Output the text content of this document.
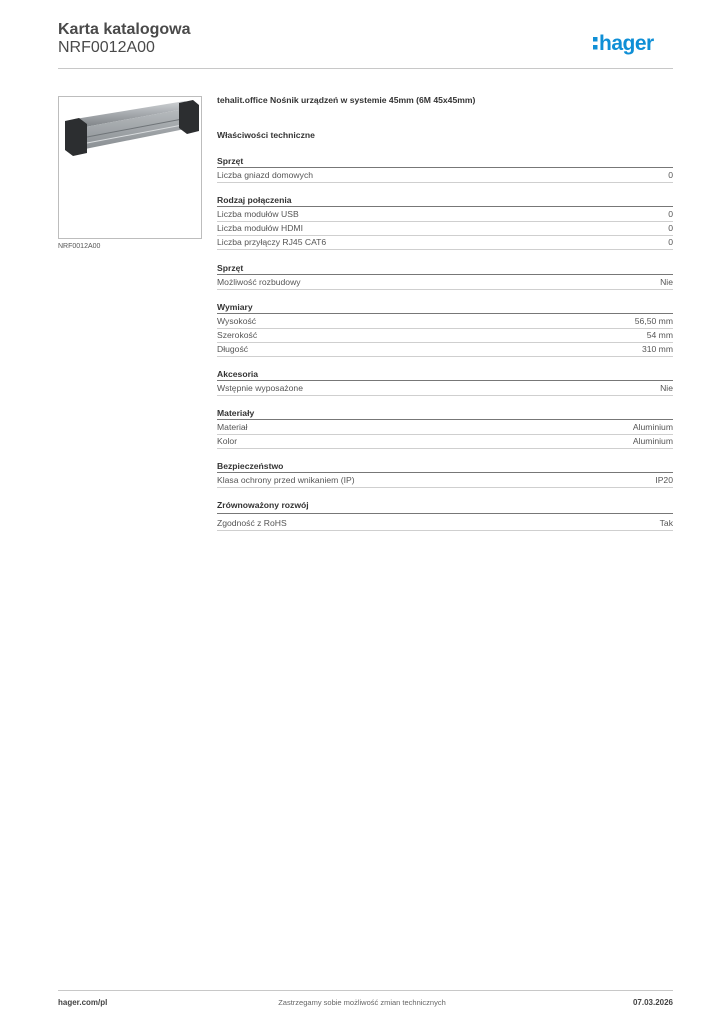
Karta katalogowa
NRF0012A00	hager
NRF0012A00
tehalit.office Nośnik urządzeń w systemie 45mm (6M 45x45mm)
Właściwości techniczne
Sprzęt
Liczba gniazd domowych	0
Rodzaj połączenia
Liczba modułów USB	0
Liczba modułów HDMI	0
Liczba przyłączy RJ45 CAT6	0
Sprzęt
Możliwość rozbudowy	Nie
Wymiary
Wysokość	56,50 mm
Szerokość	54 mm
Długość	310 mm
Akcesoria
Wstępnie wyposażone	Nie
Materiały
Materiał	Aluminium
Kolor	Aluminium
Bezpieczeństwo
Klasa ochrony przed wnikaniem (IP)	IP20
Zrównoważony rozwój
Zgodność z RoHS	Tak
hager.com/pl	Zastrzegamy sobie możliwość zmian technicznych	07.03.2026
